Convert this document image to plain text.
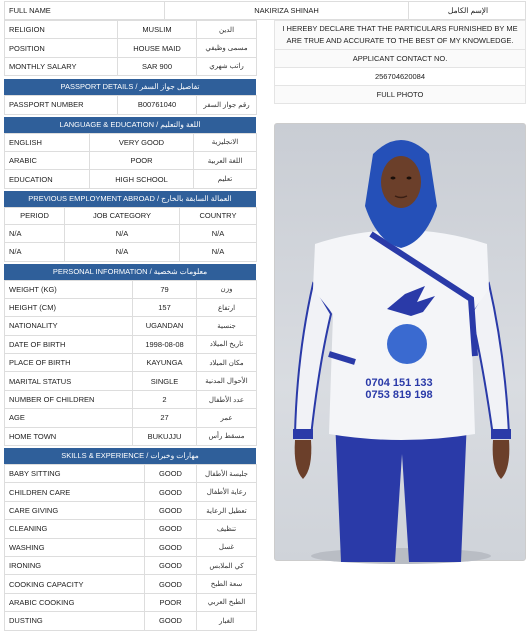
FULL NAME	NAKIRIZA SHINAH	الإسم الكامل
RELIGION	MUSLIM	الدين
POSITION	HOUSE MAID	مسمى وظيفي
MONTHLY SALARY	SAR 900	راتب شهري
PASSPORT DETAILS / تفاصيل جواز السفر
PASSPORT NUMBER	B00761040	رقم جواز السفر
LANGUAGE & EDUCATION / اللغة والتعليم
ENGLISH	VERY GOOD	الانجليزية
ARABIC	POOR	اللغة العربية
EDUCATION	HIGH SCHOOL	تعليم
PREVIOUS EMPLOYMENT ABROAD / العمالة السابقة بالخارج
PERIOD	JOB CATEGORY	COUNTRY
N/A	N/A	N/A
N/A	N/A	N/A
PERSONAL INFORMATION / معلومات شخصية
WEIGHT (KG)	79	وزن
HEIGHT (CM)	157	ارتفاع
NATIONALITY	UGANDAN	جنسية
DATE OF BIRTH	1998-08-08	تاريخ الميلاد
PLACE OF BIRTH	KAYUNGA	مكان الميلاد
MARITAL STATUS	SINGLE	الأحوال المدنية
NUMBER OF CHILDREN	2	عدد الأطفال
AGE	27	عمر
HOME TOWN	BUKUJJU	مسقط رأس
SKILLS & EXPERIENCE / مهارات وخبرات
BABY SITTING	GOOD	جليسة الأطفال
CHILDREN CARE	GOOD	رعاية الأطفال
CARE GIVING	GOOD	تعطيل الرعاية
CLEANING	GOOD	تنظيف
WASHING	GOOD	غسل
IRONING	GOOD	كي الملابس
COOKING CAPACITY	GOOD	سعة الطبخ
ARABIC COOKING	POOR	الطبخ العربي
DUSTING	GOOD	الغبار
I HEREBY DECLARE THAT THE PARTICULARS FURNISHED BY ME ARE TRUE AND ACCURATE TO THE BEST OF MY KNOWLEDGE.
APPLICANT CONTACT NO.
256704620084
FULL PHOTO
0704 151 133
0753 819 198
